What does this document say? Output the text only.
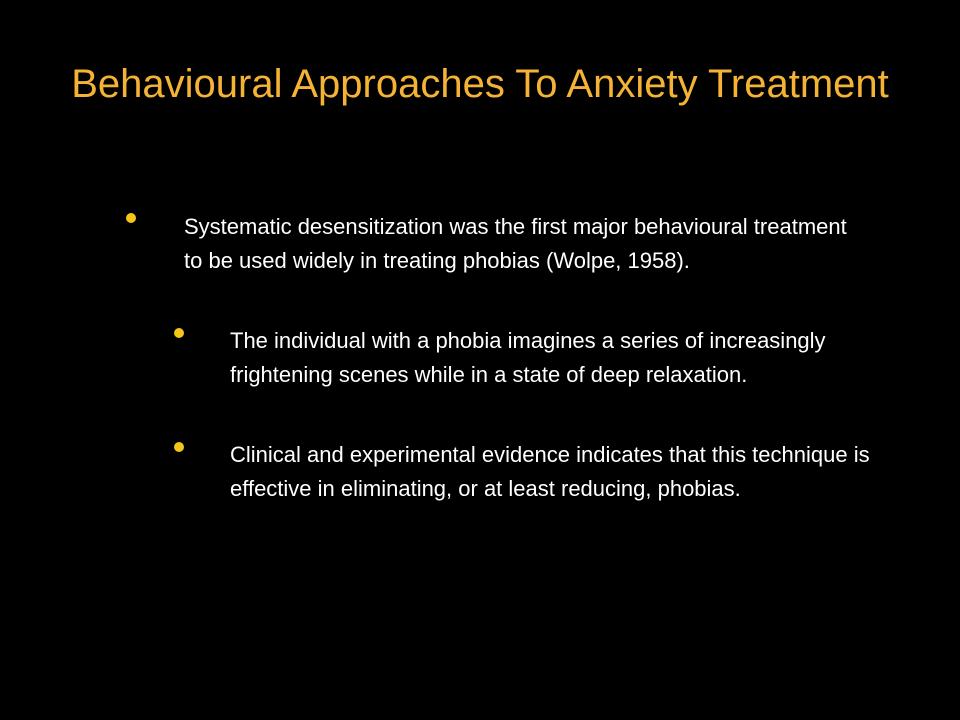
Behavioural Approaches To Anxiety Treatment
Systematic desensitization was the first major behavioural treatment to be used widely in treating phobias (Wolpe, 1958).
The individual with a phobia imagines a series of increasingly frightening scenes while in a state of deep relaxation.
Clinical and experimental evidence indicates that this technique is effective in eliminating, or at least reducing, phobias.
